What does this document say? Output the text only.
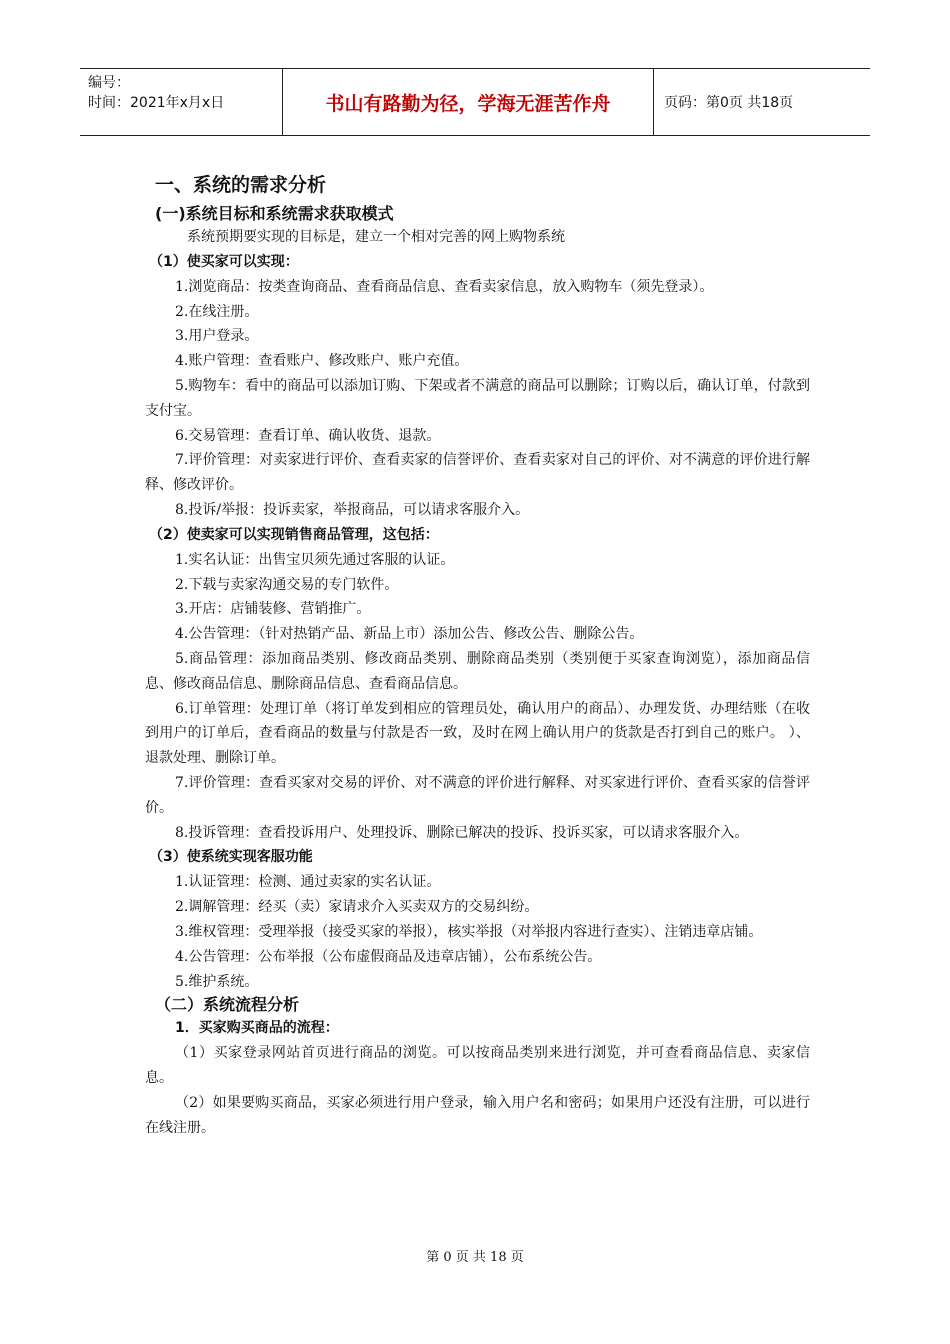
编号：
时间：2021年x月x日	书山有路勤为径，学海无涯苦作舟	页码：第0页 共18页
一、系统的需求分析
(一)系统目标和系统需求获取模式
系统预期要实现的目标是，建立一个相对完善的网上购物系统
（1）使买家可以实现：
1.浏览商品：按类查询商品、查看商品信息、查看卖家信息，放入购物车（须先登录）。
2.在线注册。
3.用户登录。
4.账户管理：查看账户、修改账户、账户充值。
5.购物车：看中的商品可以添加订购、下架或者不满意的商品可以删除；订购以后，确认订单，付款到支付宝。
6.交易管理：查看订单、确认收货、退款。
7.评价管理：对卖家进行评价、查看卖家的信誉评价、查看卖家对自己的评价、对不满意的评价进行解释、修改评价。
8.投诉/举报：投诉卖家，举报商品，可以请求客服介入。
（2）使卖家可以实现销售商品管理，这包括：
1.实名认证：出售宝贝须先通过客服的认证。
2.下载与卖家沟通交易的专门软件。
3.开店：店铺装修、营销推广。
4.公告管理：（针对热销产品、新品上市）添加公告、修改公告、删除公告。
5.商品管理：添加商品类别、修改商品类别、删除商品类别（类别便于买家查询浏览），添加商品信息、修改商品信息、删除商品信息、查看商品信息。
6.订单管理：处理订单（将订单发到相应的管理员处，确认用户的商品）、办理发货、办理结账（在收到用户的订单后，查看商品的数量与付款是否一致，及时在网上确认用户的货款是否打到自己的账户。 ）、退款处理、删除订单。
7.评价管理：查看买家对交易的评价、对不满意的评价进行解释、对买家进行评价、查看买家的信誉评价。
8.投诉管理：查看投诉用户、处理投诉、删除已解决的投诉、投诉买家，可以请求客服介入。
（3）使系统实现客服功能
1.认证管理：检测、通过卖家的实名认证。
2.调解管理：经买（卖）家请求介入买卖双方的交易纠纷。
3.维权管理：受理举报（接受买家的举报），核实举报（对举报内容进行查实）、注销违章店铺。
4.公告管理：公布举报（公布虚假商品及违章店铺），公布系统公告。
5.维护系统。
（二）系统流程分析
1．买家购买商品的流程：
（1）买家登录网站首页进行商品的浏览。可以按商品类别来进行浏览，并可查看商品信息、卖家信息。
（2）如果要购买商品，买家必须进行用户登录，输入用户名和密码；如果用户还没有注册，可以进行在线注册。
第 0 页 共 18 页
